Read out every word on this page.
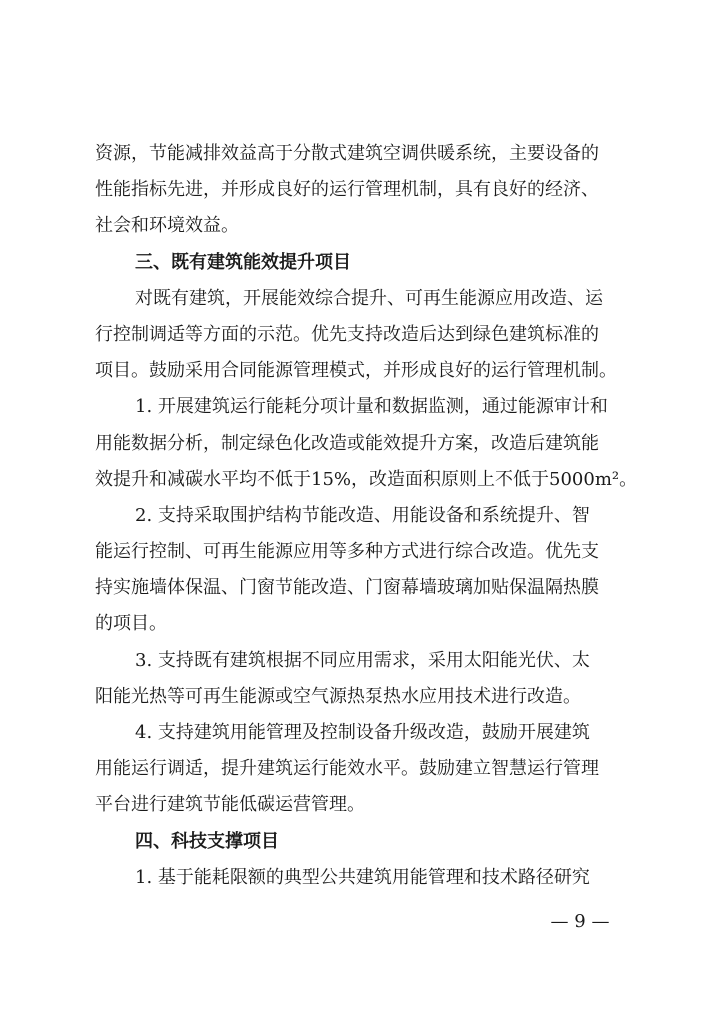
资源，节能减排效益高于分散式建筑空调供暖系统，主要设备的
性能指标先进，并形成良好的运行管理机制，具有良好的经济、
社会和环境效益。
三、既有建筑能效提升项目
对既有建筑，开展能效综合提升、可再生能源应用改造、运
行控制调适等方面的示范。优先支持改造后达到绿色建筑标准的
项目。鼓励采用合同能源管理模式，并形成良好的运行管理机制。
1. 开展建筑运行能耗分项计量和数据监测，通过能源审计和
用能数据分析，制定绿色化改造或能效提升方案，改造后建筑能
效提升和减碳水平均不低于15%，改造面积原则上不低于5000m²。
2. 支持采取围护结构节能改造、用能设备和系统提升、智
能运行控制、可再生能源应用等多种方式进行综合改造。优先支
持实施墙体保温、门窗节能改造、门窗幕墙玻璃加贴保温隔热膜
的项目。
3. 支持既有建筑根据不同应用需求，采用太阳能光伏、太
阳能光热等可再生能源或空气源热泵热水应用技术进行改造。
4. 支持建筑用能管理及控制设备升级改造，鼓励开展建筑
用能运行调适，提升建筑运行能效水平。鼓励建立智慧运行管理
平台进行建筑节能低碳运营管理。
四、科技支撑项目
1. 基于能耗限额的典型公共建筑用能管理和技术路径研究
— 9 —
